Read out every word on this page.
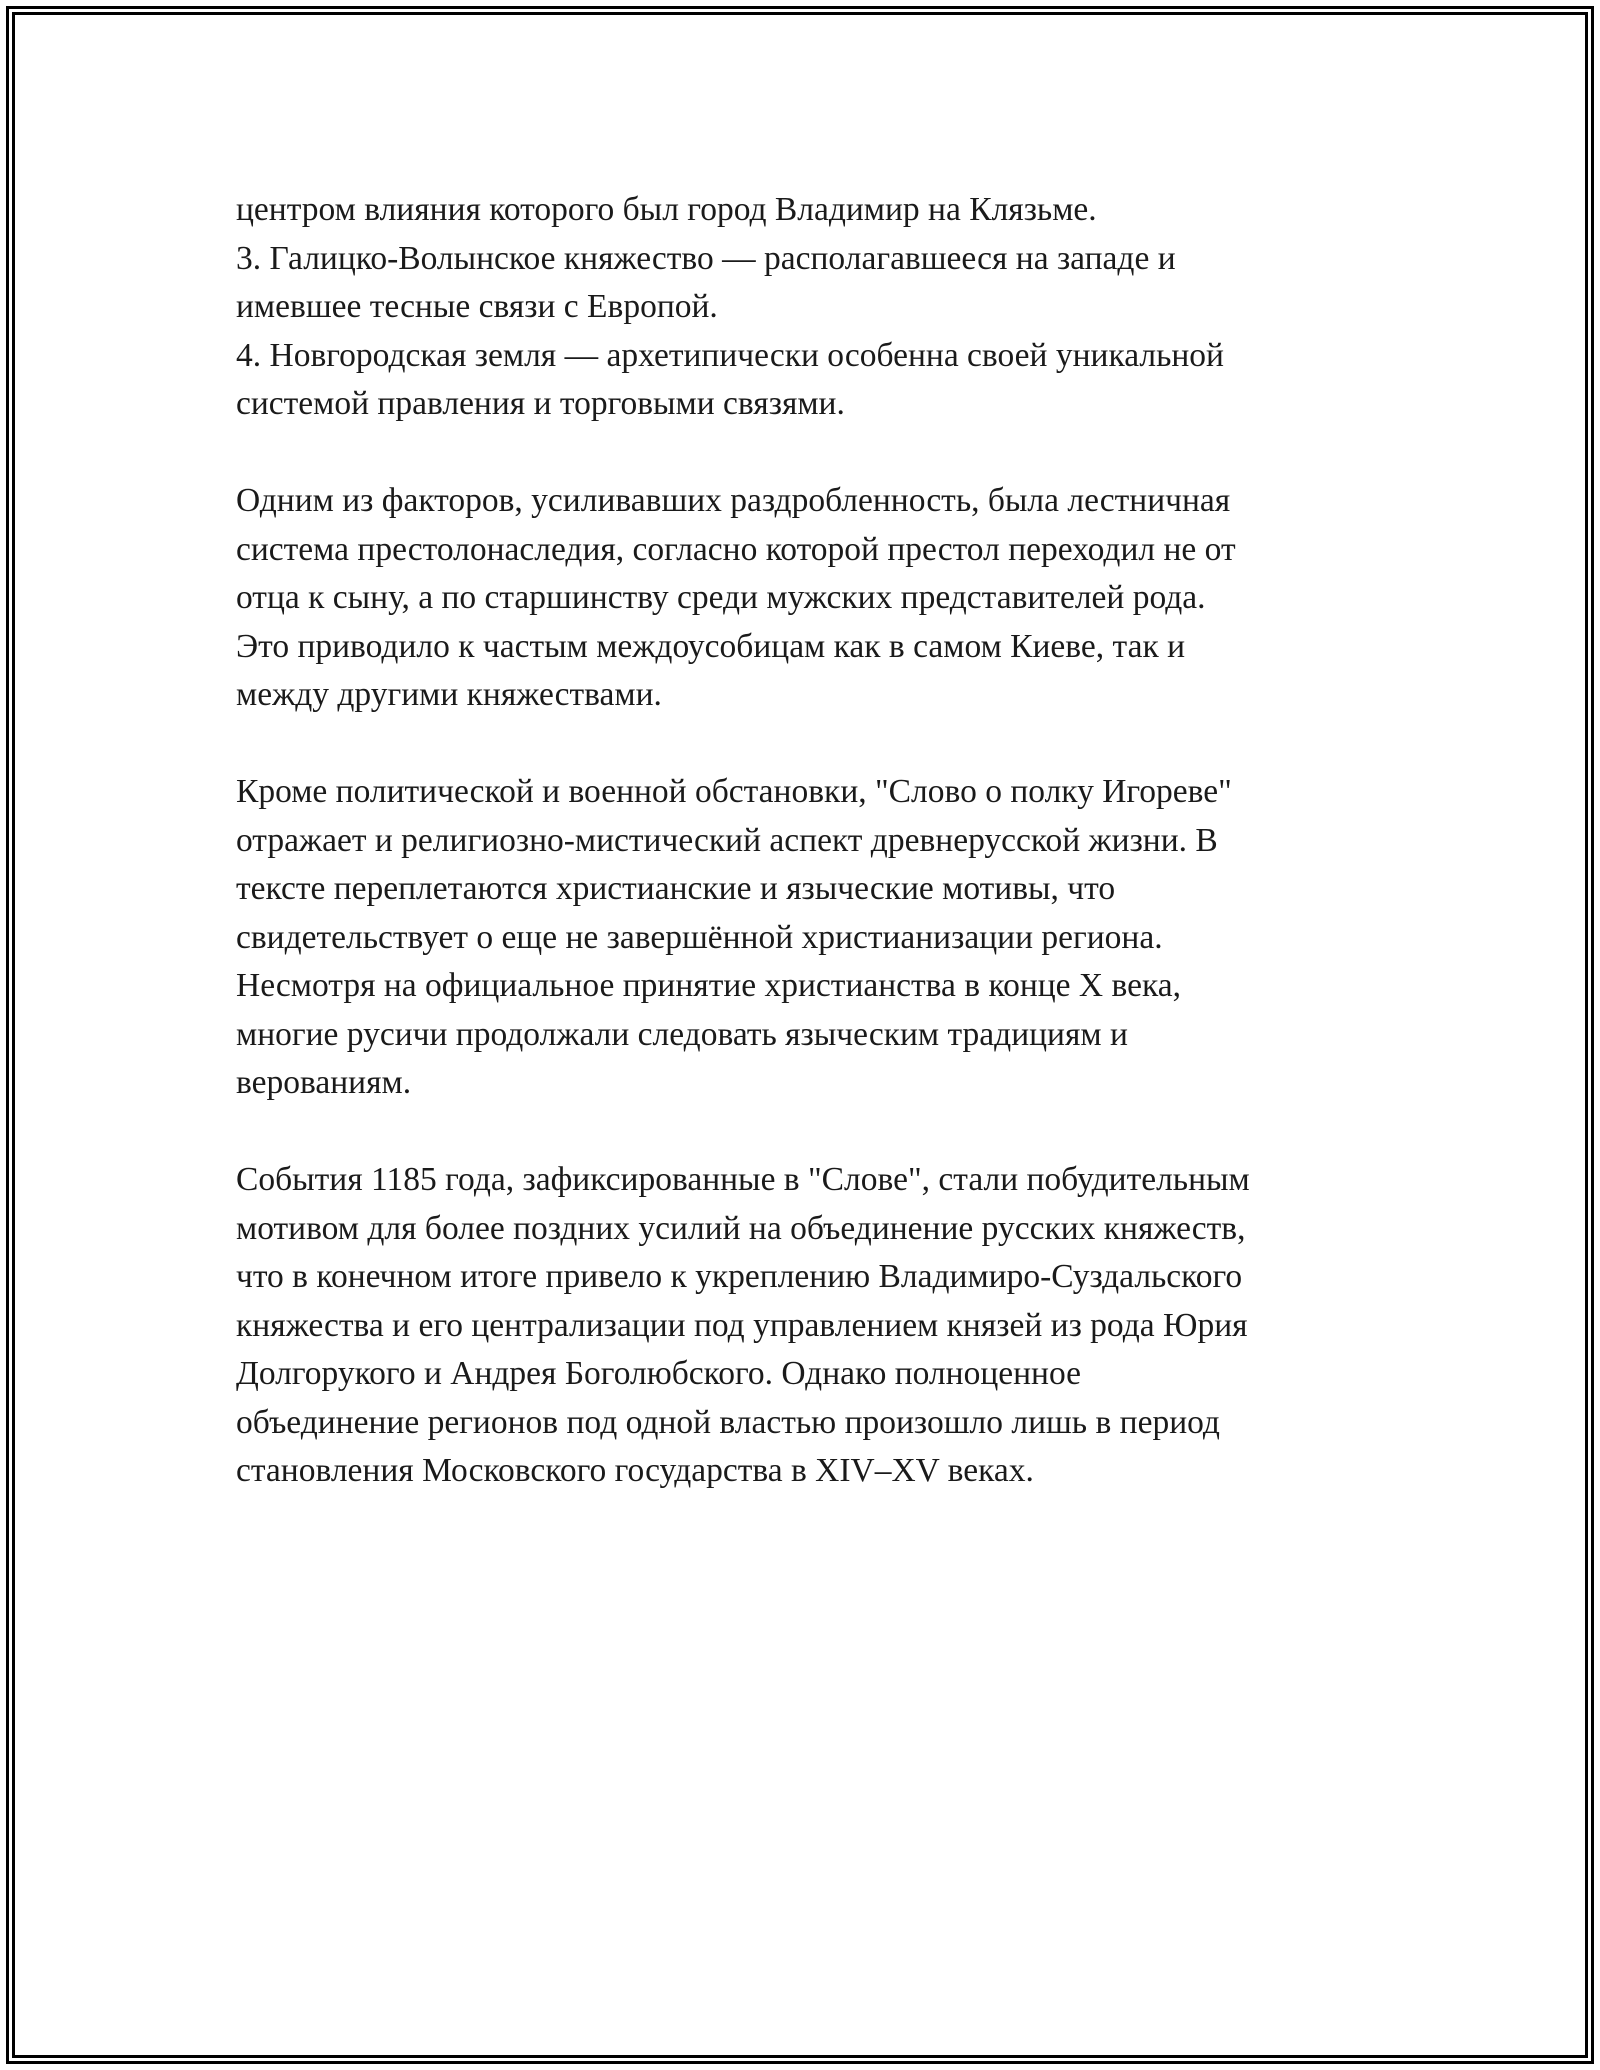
центром влияния которого был город Владимир на Клязьме.
3. Галицко-Волынское княжество — располагавшееся на западе и
имевшее тесные связи с Европой.
4. Новгородская земля — архетипически особенна своей уникальной
системой правления и торговыми связями.

Одним из факторов, усиливавших раздробленность, была лестничная
система престолонаследия, согласно которой престол переходил не от
отца к сыну, а по старшинству среди мужских представителей рода.
Это приводило к частым междоусобицам как в самом Киеве, так и
между другими княжествами.

Кроме политической и военной обстановки, "Слово о полку Игореве"
отражает и религиозно-мистический аспект древнерусской жизни. В
тексте переплетаются христианские и языческие мотивы, что
свидетельствует о еще не завершённой христианизации региона.
Несмотря на официальное принятие христианства в конце X века,
многие русичи продолжали следовать языческим традициям и
верованиям.

События 1185 года, зафиксированные в "Слове", стали побудительным
мотивом для более поздних усилий на объединение русских княжеств,
что в конечном итоге привело к укреплению Владимиро-Суздальского
княжества и его централизации под управлением князей из рода Юрия
Долгорукого и Андрея Боголюбского. Однако полноценное
объединение регионов под одной властью произошло лишь в период
становления Московского государства в XIV–XV веках.
